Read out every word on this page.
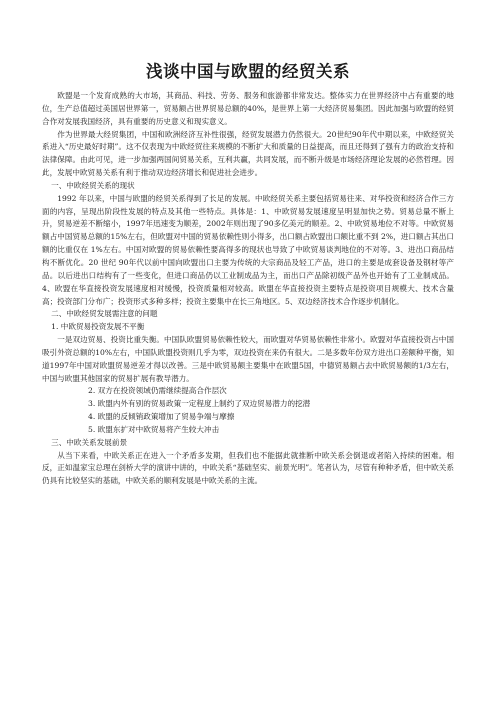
浅谈中国与欧盟的经贸关系

欧盟是一个发育成熟的大市场，其商品、科技、劳务、服务和旅游都非常发达。整体实力在世界经济中占有重要的地位，生产总值超过美国居世界第一，贸易额占世界贸易总额的40%，是世界上第一大经济贸易集团。因此加强与欧盟的经贸合作对发展我国经济，具有重要的历史意义和现实意义。

作为世界最大经贸集团，中国和欧洲经济互补性很强，经贸发展潜力仍然很大。20世纪90年代中期以来，中欧经贸关系进入“历史最好时期”。这不仅表现为中欧经贸往来规模的不断扩大和质量的日益提高，而且还得到了强有力的政治支持和法律保障。由此可见，进一步加强两国间贸易关系，互利共赢，共同发展，而不断升级是市场经济理论发展的必然哲理。因此，发展中欧贸易关系有利于推动双边经济增长和促进社会进步。

一、中欧经贸关系的现状

1992 年以来，中国与欧盟的经贸关系得到了长足的发展。中欧经贸关系主要包括贸易往来、对华投资和经济合作三方面的内容，呈现出阶段性发展的特点及其他一些特点。具体是：1、中欧贸易发展速度呈明显加快之势。贸易总量不断上升，贸易逆差不断缩小，1997年迅速变为顺差，2002年则出现了90多亿美元的顺差。2、中欧贸易地位不对等。中欧贸易额占中国贸易总额的15%左右，但欧盟对中国的贸易依赖性则小得多，出口额占欧盟出口额比重不到 2%，进口额占其出口额的比重仅在 1%左右。中国对欧盟的贸易依赖性要高得多的现状也导致了中欧贸易谈判地位的不对等。3、进出口商品结构不断优化。20 世纪 90年代以前中国向欧盟出口主要为传统的大宗商品及轻工产品，进口的主要是成套设备及钢材等产品。以后进出口结构有了一些变化，但进口商品仍以工业制成品为主，而出口产品除初级产品外也开始有了工业制成品。4、欧盟在华直接投资发展速度相对缓慢，投资质量相对较高。欧盟在华直接投资主要特点是投资项目规模大、技术含量高；投资部门分布广；投资形式多种多样；投资主要集中在长三角地区。5、双边经济技术合作逐步机制化。

二、中欧经贸发展需注意的问题

1. 中欧贸易投资发展不平衡

一是双边贸易、投资比重失衡。中国队欧盟贸易依赖性较大，而欧盟对华贸易依赖性非常小。欧盟对华直接投资占中国吸引外资总额的10%左右，中国队欧盟投资则几乎为零，双边投资在来仍有很大。二是多数年份双方进出口差额种平衡，知道1997年中国对欧盟贸易逆差才得以改善。三是中欧贸易额主要集中在欧盟5国，中德贸易额占去中欧贸易额的1/3左右，中国与欧盟其他国家的贸易扩展有教导潜力。

2. 双方在投资领域仍需继续提高合作层次

3. 欧盟内外有别的贸易政策一定程度上制约了双边贸易潜力的挖潜

4. 欧盟的反倾销政策增加了贸易争端与摩擦

5. 欧盟东扩对中欧贸易将产生较大冲击

三、中欧关系发展前景

从当下来看，中欧关系正在进入一个矛盾多发期，但我们也不能据此就推断中欧关系会倒退或者陷入持续的困难。相反，正如温家宝总理在剑桥大学的演讲中讲的，中欧关系“基础坚实、前景光明”。笔者认为，尽管有种种矛盾，但中欧关系仍具有比较坚实的基础，中欧关系的顺利发展是中欧关系的主流。
